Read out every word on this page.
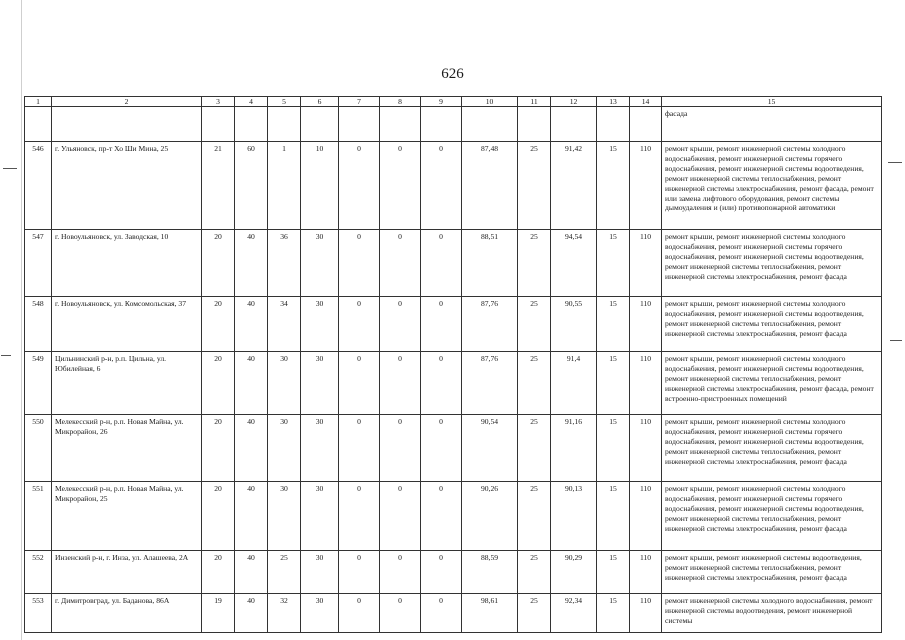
626
1	2	3	4	5	6	7	8	9	10	11	12	13	14	15
														фасада
546	г. Ульяновск, пр-т Хо Ши Мина, 25	21	60	1	10	0	0	0	87,48	25	91,42	15	110	ремонт крыши, ремонт инженерной системы холодного водоснабжения, ремонт инженерной системы горячего водоснабжения, ремонт инженерной системы водоотведения, ремонт инженерной системы теплоснабжения, ремонт инженерной системы электроснабжения, ремонт фасада, ремонт или замена лифтового оборудования, ремонт системы дымоудаления и (или) противопожарной автоматики
547	г. Новоульяновск, ул. Заводская, 10	20	40	36	30	0	0	0	88,51	25	94,54	15	110	ремонт крыши, ремонт инженерной системы холодного водоснабжения, ремонт инженерной системы горячего водоснабжения, ремонт инженерной системы водоотведения, ремонт инженерной системы теплоснабжения, ремонт инженерной системы электроснабжения, ремонт фасада
548	г. Новоульяновск, ул. Комсомольская, 37	20	40	34	30	0	0	0	87,76	25	90,55	15	110	ремонт крыши, ремонт инженерной системы холодного водоснабжения, ремонт инженерной системы водоотведения, ремонт инженерной системы теплоснабжения, ремонт инженерной системы электроснабжения, ремонт фасада
549	Цильнинский р-н, р.п. Цильна, ул. Юбилейная, 6	20	40	30	30	0	0	0	87,76	25	91,4	15	110	ремонт крыши, ремонт инженерной системы холодного водоснабжения, ремонт инженерной системы водоотведения, ремонт инженерной системы теплоснабжения, ремонт инженерной системы электроснабжения, ремонт фасада, ремонт встроенно-пристроенных помещений
550	Мелекесский р-н, р.п. Новая Майна, ул. Микрорайон, 26	20	40	30	30	0	0	0	90,54	25	91,16	15	110	ремонт крыши, ремонт инженерной системы холодного водоснабжения, ремонт инженерной системы горячего водоснабжения, ремонт инженерной системы водоотведения, ремонт инженерной системы теплоснабжения, ремонт инженерной системы электроснабжения, ремонт фасада
551	Мелекесский р-н, р.п. Новая Майна, ул. Микрорайон, 25	20	40	30	30	0	0	0	90,26	25	90,13	15	110	ремонт крыши, ремонт инженерной системы холодного водоснабжения, ремонт инженерной системы горячего водоснабжения, ремонт инженерной системы водоотведения, ремонт инженерной системы теплоснабжения, ремонт инженерной системы электроснабжения, ремонт фасада
552	Инзенский р-н, г. Инза, ул. Алашеева, 2А	20	40	25	30	0	0	0	88,59	25	90,29	15	110	ремонт крыши, ремонт инженерной системы водоотведения, ремонт инженерной системы теплоснабжения, ремонт инженерной системы электроснабжения, ремонт фасада
553	г. Димитровград, ул. Баданова, 86А	19	40	32	30	0	0	0	98,61	25	92,34	15	110	ремонт инженерной системы холодного водоснабжения, ремонт инженерной системы водоотведения, ремонт инженерной системы
